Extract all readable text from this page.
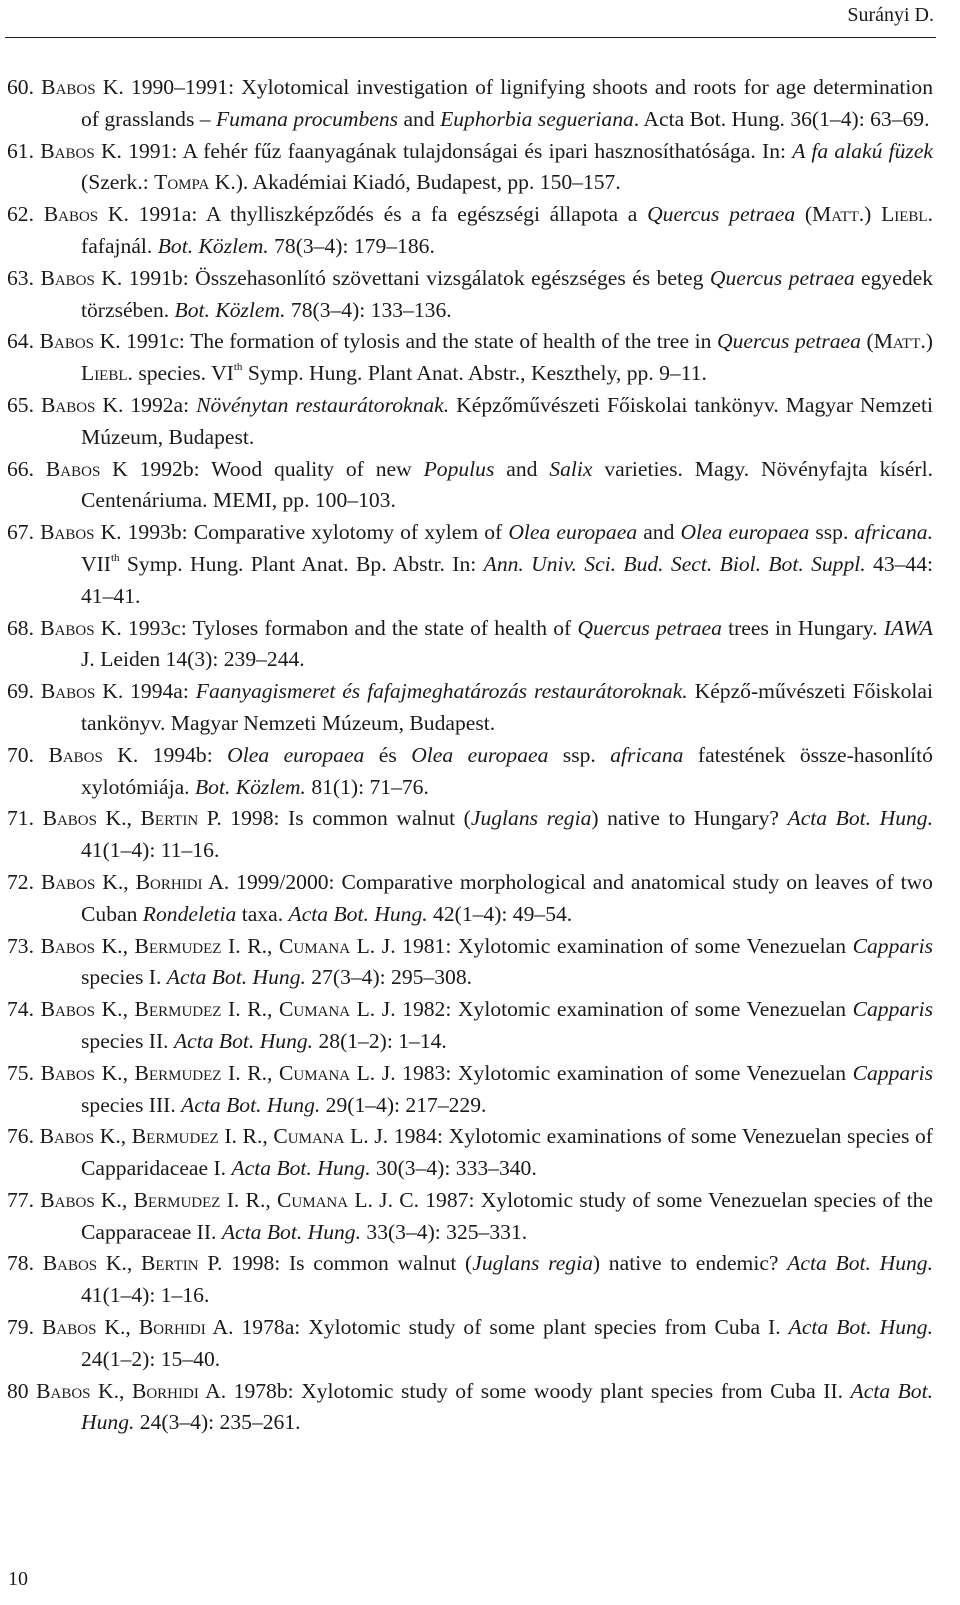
Surányi D.
60. Babos K. 1990–1991: Xylotomical investigation of lignifying shoots and roots for age determination of grasslands – Fumana procumbens and Euphorbia segueriana. Acta Bot. Hung. 36(1–4): 63–69.
61. Babos K. 1991: A fehér fűz faanyagának tulajdonságai és ipari hasznosíthatósága. In: A fa alakú füzek (Szerk.: Tompa K.). Akadémiai Kiadó, Budapest, pp. 150–157.
62. Babos K. 1991a: A thylliszképződés és a fa egészségi állapota a Quercus petraea (Matt.) Liebl. fafajnál. Bot. Közlem. 78(3–4): 179–186.
63. Babos K. 1991b: Összehasonlító szövettani vizsgálatok egészséges és beteg Quercus petraea egyedek törzsében. Bot. Közlem. 78(3–4): 133–136.
64. Babos K. 1991c: The formation of tylosis and the state of health of the tree in Quercus petraea (Matt.) Liebl. species. VIth Symp. Hung. Plant Anat. Abstr., Keszthely, pp. 9–11.
65. Babos K. 1992a: Növénytan restaurátoroknak. Képzőművészeti Főiskolai tankönyv. Magyar Nemzeti Múzeum, Budapest.
66. Babos K 1992b: Wood quality of new Populus and Salix varieties. Magy. Növényfajta kísérl. Centenáriuma. MEMI, pp. 100–103.
67. Babos K. 1993b: Comparative xylotomy of xylem of Olea europaea and Olea europaea ssp. africana. VIIth Symp. Hung. Plant Anat. Bp. Abstr. In: Ann. Univ. Sci. Bud. Sect. Biol. Bot. Suppl. 43–44: 41–41.
68. Babos K. 1993c: Tyloses formabon and the state of health of Quercus petraea trees in Hungary. IAWA J. Leiden 14(3): 239–244.
69. Babos K. 1994a: Faanyagismeret és fafajmeghatározás restaurátoroknak. Képző-művészeti Főiskolai tankönyv. Magyar Nemzeti Múzeum, Budapest.
70. Babos K. 1994b: Olea europaea és Olea europaea ssp. africana fatestének össze-hasonlító xylotómiája. Bot. Közlem. 81(1): 71–76.
71. Babos K., Bertin P. 1998: Is common walnut (Juglans regia) native to Hungary? Acta Bot. Hung. 41(1–4): 11–16.
72. Babos K., Borhidi A. 1999/2000: Comparative morphological and anatomical study on leaves of two Cuban Rondeletia taxa. Acta Bot. Hung. 42(1–4): 49–54.
73. Babos K., Bermudez I. R., Cumana L. J. 1981: Xylotomic examination of some Venezuelan Capparis species I. Acta Bot. Hung. 27(3–4): 295–308.
74. Babos K., Bermudez I. R., Cumana L. J. 1982: Xylotomic examination of some Venezuelan Capparis species II. Acta Bot. Hung. 28(1–2): 1–14.
75. Babos K., Bermudez I. R., Cumana L. J. 1983: Xylotomic examination of some Venezuelan Capparis species III. Acta Bot. Hung. 29(1–4): 217–229.
76. Babos K., Bermudez I. R., Cumana L. J. 1984: Xylotomic examinations of some Venezuelan species of Capparidaceae I. Acta Bot. Hung. 30(3–4): 333–340.
77. Babos K., Bermudez I. R., Cumana L. J. C. 1987: Xylotomic study of some Venezuelan species of the Capparaceae II. Acta Bot. Hung. 33(3–4): 325–331.
78. Babos K., Bertin P. 1998: Is common walnut (Juglans regia) native to endemic? Acta Bot. Hung. 41(1–4): 1–16.
79. Babos K., Borhidi A. 1978a: Xylotomic study of some plant species from Cuba I. Acta Bot. Hung. 24(1–2): 15–40.
80 Babos K., Borhidi A. 1978b: Xylotomic study of some woody plant species from Cuba II. Acta Bot. Hung. 24(3–4): 235–261.
10
